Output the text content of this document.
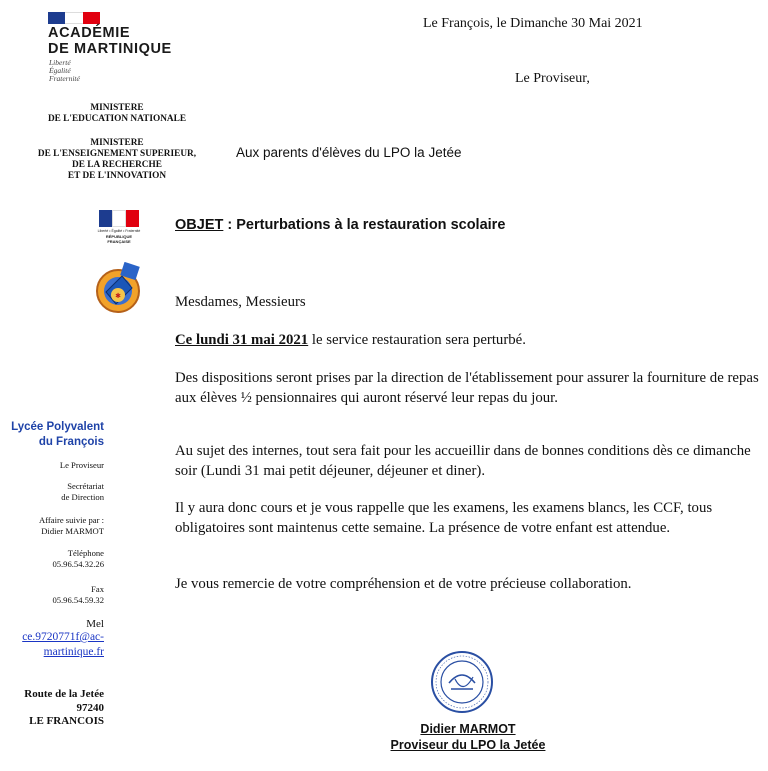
ACADÉMIE
DE MARTINIQUE
Liberté
Égalité
Fraternité
MINISTERE
DE L'EDUCATION NATIONALE
MINISTERE
DE L'ENSEIGNEMENT SUPERIEUR,
DE LA RECHERCHE
ET DE L'INNOVATION
Le François, le Dimanche 30 Mai 2021
Le Proviseur,
Aux parents d'élèves du LPO la Jetée
Liberté • Égalité • Fraternité
RÉPUBLIQUE FRANÇAISE
OBJET : Perturbations à la restauration scolaire
✱	Mesdames, Messieurs
Ce lundi 31 mai 2021 le service restauration sera perturbé.
Des dispositions seront prises par la direction de l'établissement pour assurer la fourniture de repas aux élèves ½ pensionnaires qui auront réservé leur repas du jour.
Au sujet des internes, tout sera fait pour les accueillir dans de bonnes conditions dès ce dimanche soir (Lundi 31 mai petit déjeuner, déjeuner et diner).
Il y aura donc cours et je vous rappelle que les examens, les examens blancs, les CCF, tous obligatoires sont maintenus cette semaine. La présence de votre enfant est attendue.
Je vous remercie de votre compréhension et de votre précieuse collaboration.
Lycée Polyvalent
du François
Le Proviseur
Secrétariat
de Direction
Affaire suivie par :
Didier MARMOT
Téléphone
05.96.54.32.26
Fax
05.96.54.59.32
Mel
ce.9720771f@ac-
martinique.fr
Route de la Jetée
97240
LE FRANCOIS
Didier MARMOT
Proviseur du LPO la Jetée
